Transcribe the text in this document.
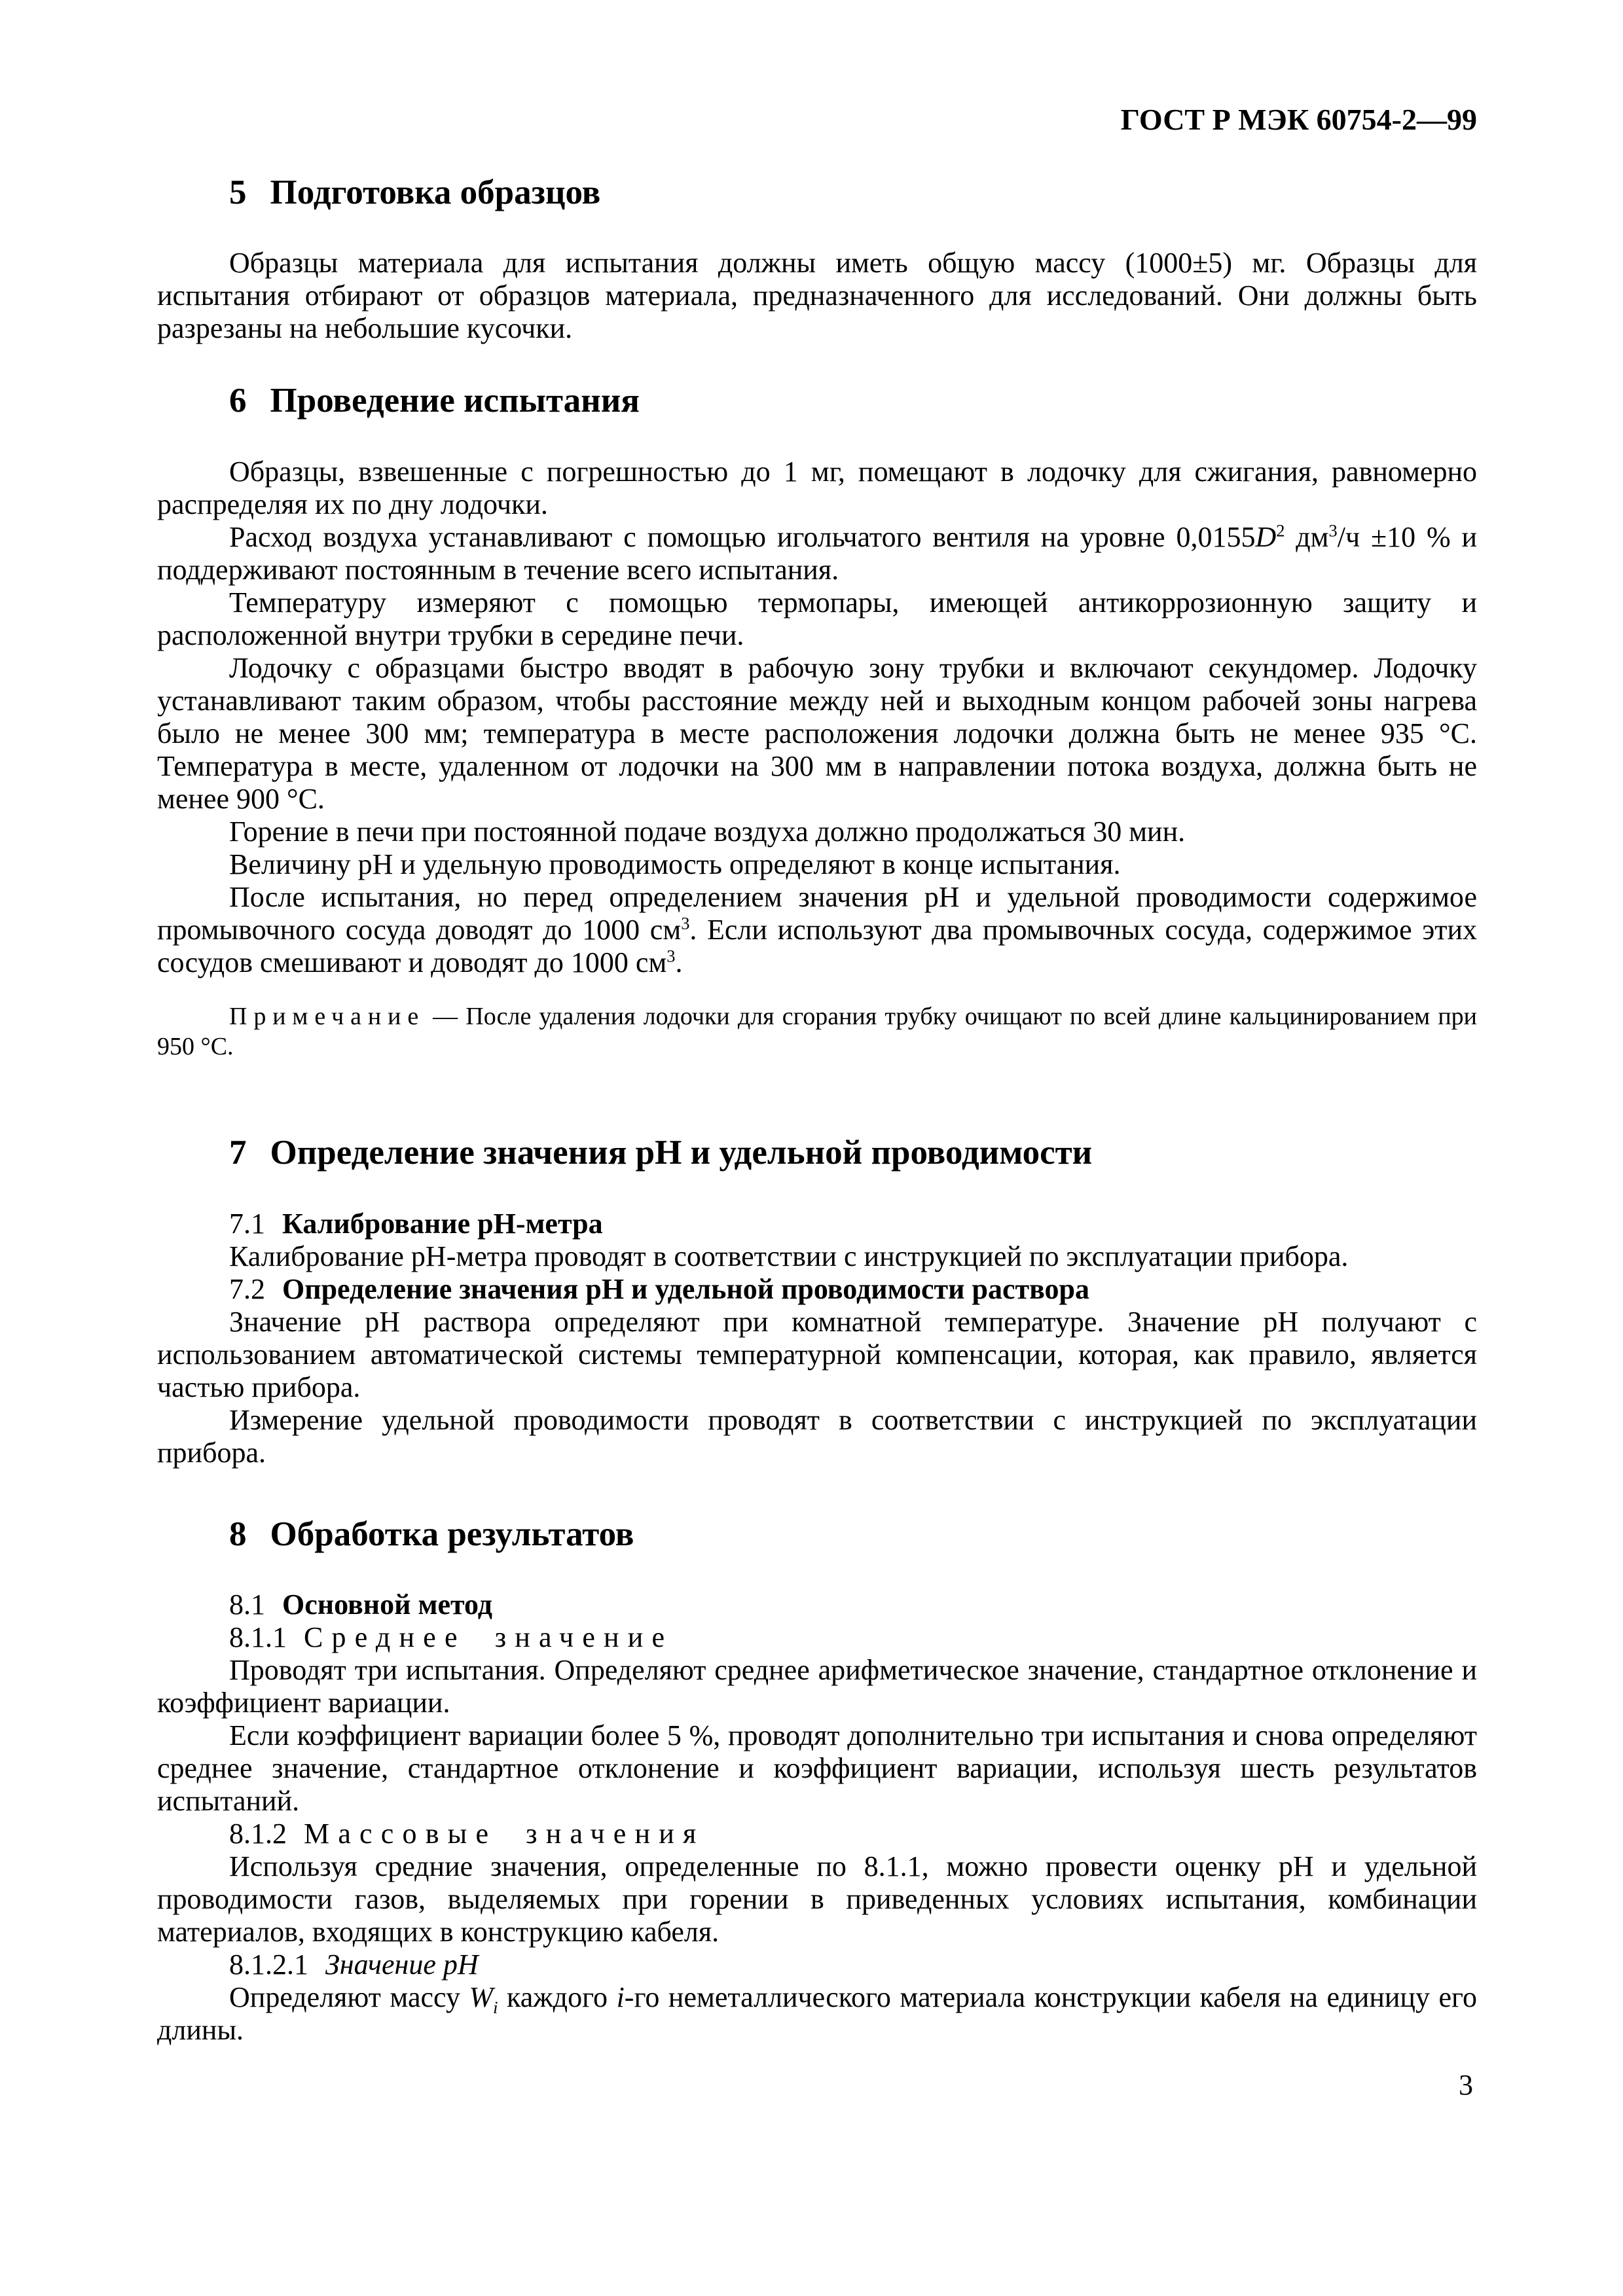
ГОСТ Р МЭК 60754-2—99
5 Подготовка образцов

Образцы материала для испытания должны иметь общую массу (1000±5) мг. Образцы для испытания отбирают от образцов материала, предназначенного для исследований. Они должны быть разрезаны на небольшие кусочки.

6 Проведение испытания

Образцы, взвешенные с погрешностью до 1 мг, помещают в лодочку для сжигания, равномерно распределяя их по дну лодочки.

Расход воздуха устанавливают с помощью игольчатого вентиля на уровне $0,0155D^2$ $дм^3/ч \pm 10$ % и поддерживают постоянным в течение всего испытания.

Температуру измеряют с помощью термопары, имеющей антикоррозионную защиту и расположенной внутри трубки в середине печи.

Лодочку с образцами быстро вводят в рабочую зону трубки и включают секундомер. Лодочку устанавливают таким образом, чтобы расстояние между ней и выходным концом рабочей зоны нагрева было не менее 300 мм; температура в месте расположения лодочки должна быть не менее 935 °С. Температура в месте, удаленном от лодочки на 300 мм в направлении потока воздуха, должна быть не менее 900 °С.

Горение в печи при постоянной подаче воздуха должно продолжаться 30 мин.

Величину рН и удельную проводимость определяют в конце испытания.

После испытания, но перед определением значения рН и удельной проводимости содержимое промывочного сосуда доводят до 1000 $см^3$. Если используют два промывочных сосуда, содержимое этих сосудов смешивают и доводят до 1000 $см^3$.

Примечание — После удаления лодочки для сгорания трубку очищают по всей длине кальцинированием при 950 °С.

7 Определение значения рН и удельной проводимости

7.1 Калибрование рН-метра

Калибрование рН-метра проводят в соответствии с инструкцией по эксплуатации прибора.

7.2 Определение значения рН и удельной проводимости раствора

Значение рН раствора определяют при комнатной температуре. Значение рН получают с использованием автоматической системы температурной компенсации, которая, как правило, является частью прибора.

Измерение удельной проводимости проводят в соответствии с инструкцией по эксплуатации прибора.

8 Обработка результатов

8.1 Основной метод

8.1.1 Среднее значение

Проводят три испытания. Определяют среднее арифметическое значение, стандартное отклонение и коэффициент вариации.

Если коэффициент вариации более 5 %, проводят дополнительно три испытания и снова определяют среднее значение, стандартное отклонение и коэффициент вариации, используя шесть результатов испытаний.

8.1.2 Массовые значения

Используя средние значения, определенные по 8.1.1, можно провести оценку рН и удельной проводимости газов, выделяемых при горении в приведенных условиях испытания, комбинации материалов, входящих в конструкцию кабеля.

8.1.2.1 Значение рН

Определяют массу $W_i$ каждого i-го неметаллического материала конструкции кабеля на единицу его длины.

3
